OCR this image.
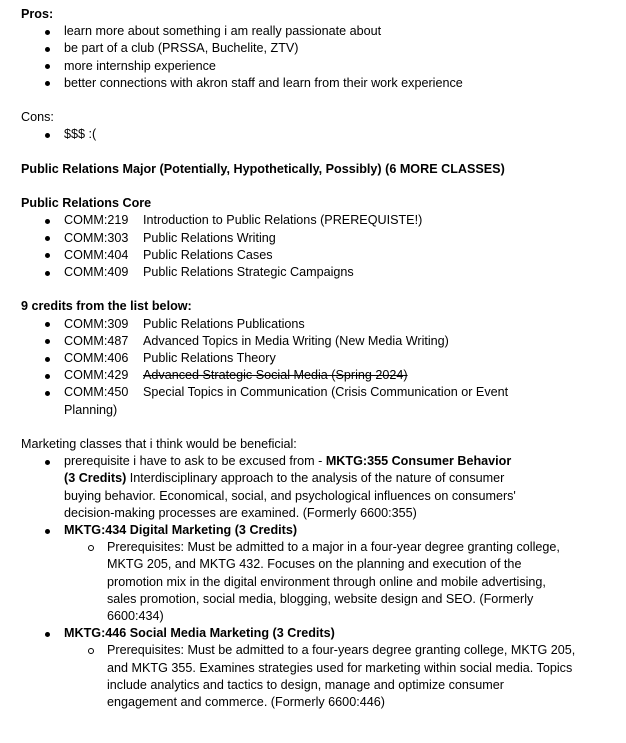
Pros:
learn more about something i am really passionate about
be part of a club (PRSSA, Buchelite, ZTV)
more internship experience
better connections with akron staff and learn from their work experience
Cons:
$$$ :(
Public Relations Major (Potentially, Hypothetically, Possibly) (6 MORE CLASSES)
Public Relations Core
COMM:219 Introduction to Public Relations (PREREQUISTE!)
COMM:303 Public Relations Writing
COMM:404 Public Relations Cases
COMM:409 Public Relations Strategic Campaigns
9 credits from the list below:
COMM:309 Public Relations Publications
COMM:487 Advanced Topics in Media Writing (New Media Writing)
COMM:406 Public Relations Theory
COMM:429 Advanced Strategic Social Media (Spring 2024)
COMM:450 Special Topics in Communication (Crisis Communication or Event
Planning)
Marketing classes that i think would be beneficial:
prerequisite i have to ask to be excused from - MKTG:355 Consumer Behavior (3 Credits) Interdisciplinary approach to the analysis of the nature of consumer buying behavior. Economical, social, and psychological influences on consumers' decision-making processes are examined. (Formerly 6600:355)
MKTG:434 Digital Marketing (3 Credits)
Prerequisites: Must be admitted to a major in a four-year degree granting college, MKTG 205, and MKTG 432. Focuses on the planning and execution of the promotion mix in the digital environment through online and mobile advertising, sales promotion, social media, blogging, website design and SEO. (Formerly 6600:434)
MKTG:446 Social Media Marketing (3 Credits)
Prerequisites: Must be admitted to a four-years degree granting college, MKTG 205, and MKTG 355. Examines strategies used for marketing within social media. Topics include analytics and tactics to design, manage and optimize consumer engagement and commerce. (Formerly 6600:446)
